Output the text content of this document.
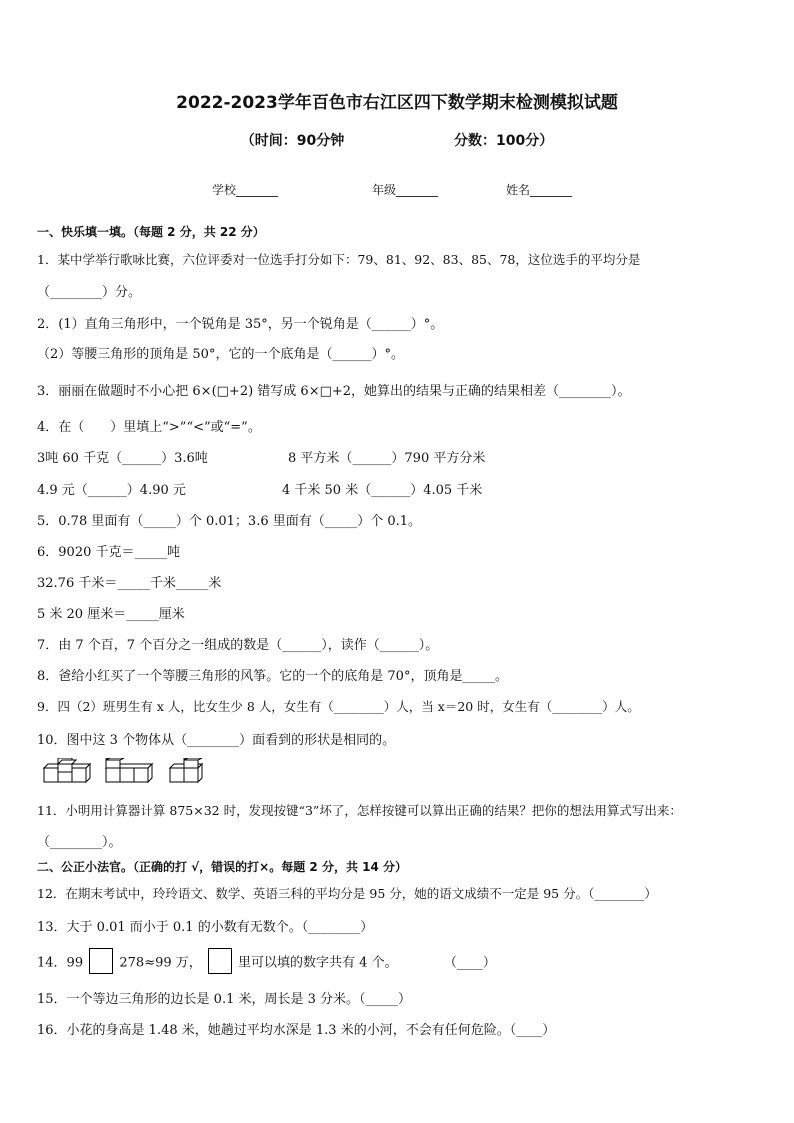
2022-2023学年百色市右江区四下数学期末检测模拟试题
（时间：90分钟	分数：100分）
学校_______	年级_______	姓名_______
一、快乐填一填。（每题 2 分，共 22 分）
1．某中学举行歌咏比赛，六位评委对一位选手打分如下：79、81、92、83、85、78，这位选手的平均分是
（________）分。
2．(1）直角三角形中，一个锐角是 35°，另一个锐角是（______）°。
（2）等腰三角形的顶角是 50°，它的一个底角是（______）°。
3．丽丽在做题时不小心把 6×(□+2) 错写成 6×□+2，她算出的结果与正确的结果相差（________）。
4．在（　　）里填上“>”“<”或“=”。
3吨 60 千克（______）3.6吨	8 平方米（______）790 平方分米
4.9 元（______）4.90 元	4 千米 50 米（______）4.05 千米
5．0.78 里面有（_____）个 0.01；3.6 里面有（_____）个 0.1。
6．9020 千克＝_____吨
32.76 千米＝_____千米_____米
5 米 20 厘米＝_____厘米
7．由 7 个百，7 个百分之一组成的数是（______），读作（______）。
8．爸给小红买了一个等腰三角形的风筝。它的一个的底角是 70°，顶角是_____。
9．四（2）班男生有 x 人，比女生少 8 人，女生有（________）人，当 x＝20 时，女生有（________）人。
10．图中这 3 个物体从（________）面看到的形状是相同的。
11．小明用计算器计算 875×32 时，发现按键“3”坏了，怎样按键可以算出正确的结果？把你的想法用算式写出来：
（________）。
二、公正小法官。（正确的打 √，错误的打×。每题 2 分，共 14 分）
12．在期末考试中，玲玲语文、数学、英语三科的平均分是 95 分，她的语文成绩不一定是 95 分。（________）
13．大于 0.01 而小于 0.1 的小数有无数个。（________）
14．99	278≈99 万，	里可以填的数字共有 4 个。	（____）
15．一个等边三角形的边长是 0.1 米，周长是 3 分米。（_____）
16．小花的身高是 1.48 米，她趟过平均水深是 1.3 米的小河，不会有任何危险。（____）
